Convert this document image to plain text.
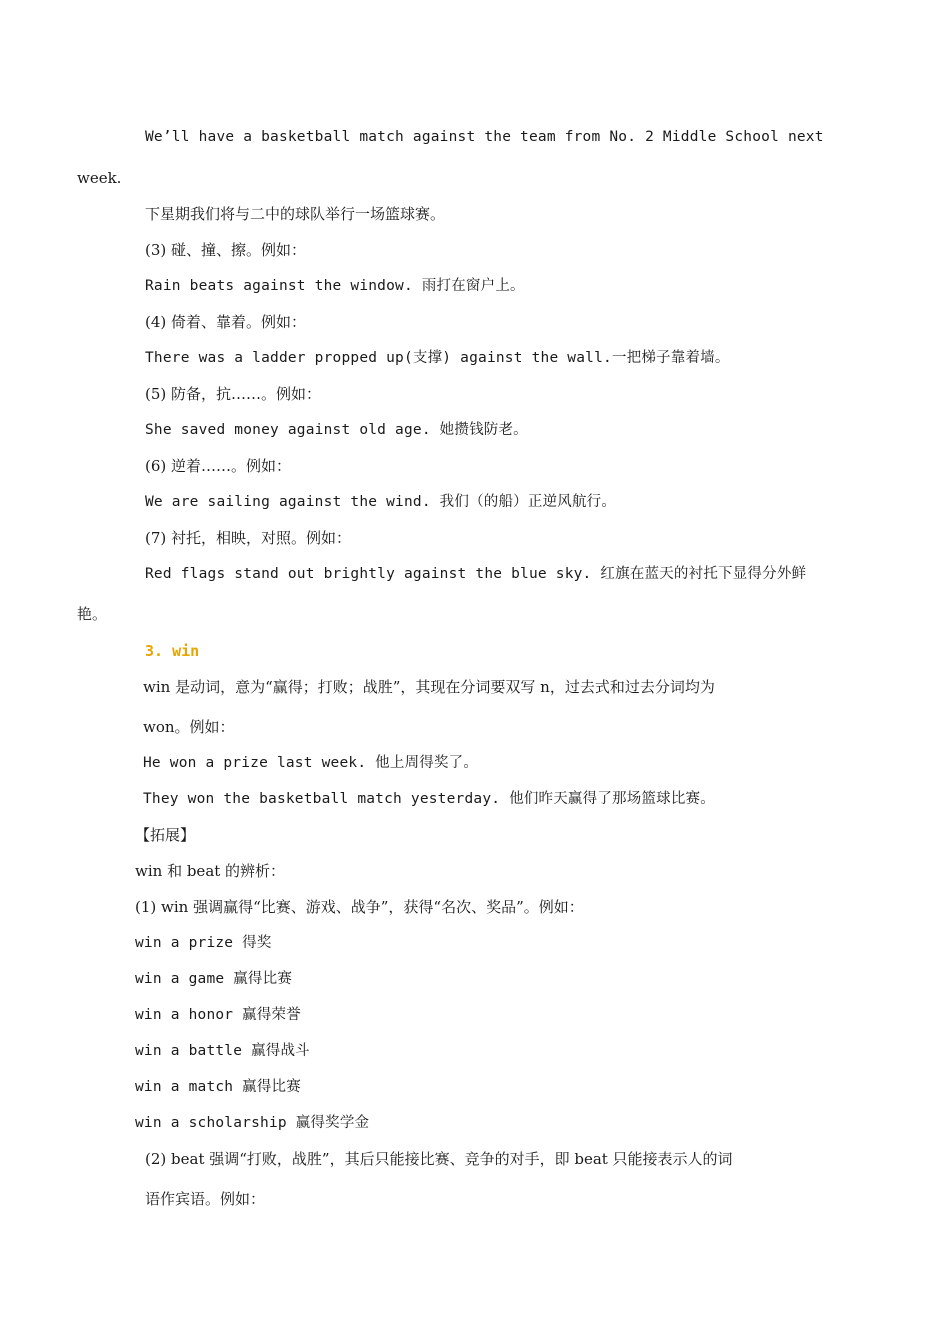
We’ll have a basketball match against the team from No. 2 Middle School next
week.
下星期我们将与二中的球队举行一场篮球赛。
(3) 碰、撞、擦。例如：
Rain beats against the window. 雨打在窗户上。
(4) 倚着、靠着。例如：
There was a ladder propped up(支撑) against the wall.一把梯子靠着墙。
(5) 防备，抗……。例如：
She saved money against old age. 她攒钱防老。
(6) 逆着……。例如：
We are sailing against the wind. 我们（的船）正逆风航行。
(7) 衬托，相映，对照。例如：
Red flags stand out brightly against the blue sky. 红旗在蓝天的衬托下显得分外鲜
艳。
3. win
win 是动词，意为“赢得；打败；战胜”，其现在分词要双写 n，过去式和过去分词均为
won。例如：
He won a prize last week. 他上周得奖了。
They won the basketball match yesterday. 他们昨天赢得了那场篮球比赛。
【拓展】
win 和 beat 的辨析：
(1) win 强调赢得“比赛、游戏、战争”，获得“名次、奖品”。例如：
win a prize 得奖
win a game 赢得比赛
win a honor 赢得荣誉
win a battle 赢得战斗
win a match 赢得比赛
win a scholarship 赢得奖学金
(2) beat 强调“打败，战胜”，其后只能接比赛、竞争的对手，即 beat 只能接表示人的词
语作宾语。例如：
